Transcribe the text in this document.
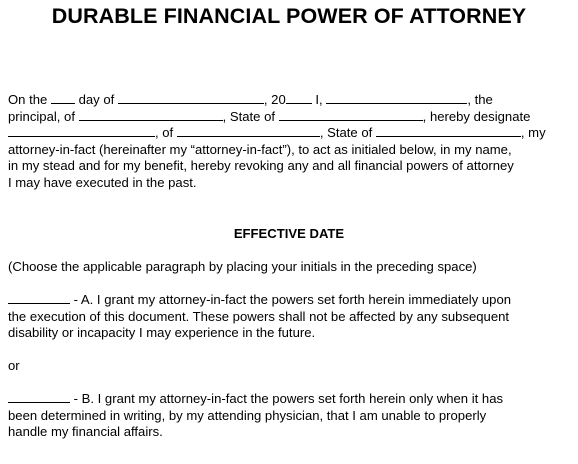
DURABLE FINANCIAL POWER OF ATTORNEY
On the day of	, 20 I,	, the
principal, of	, State of	, hereby designate
, of	, State of	, my
attorney-in-fact (hereinafter my “attorney-in-fact”), to act as initialed below, in my name,
in my stead and for my benefit, hereby revoking any and all financial powers of attorney
I may have executed in the past.
EFFECTIVE DATE
(Choose the applicable paragraph by placing your initials in the preceding space)
- A. I grant my attorney-in-fact the powers set forth herein immediately upon
the execution of this document. These powers shall not be affected by any subsequent
disability or incapacity I may experience in the future.
or
- B. I grant my attorney-in-fact the powers set forth herein only when it has
been determined in writing, by my attending physician, that I am unable to properly
handle my financial affairs.
